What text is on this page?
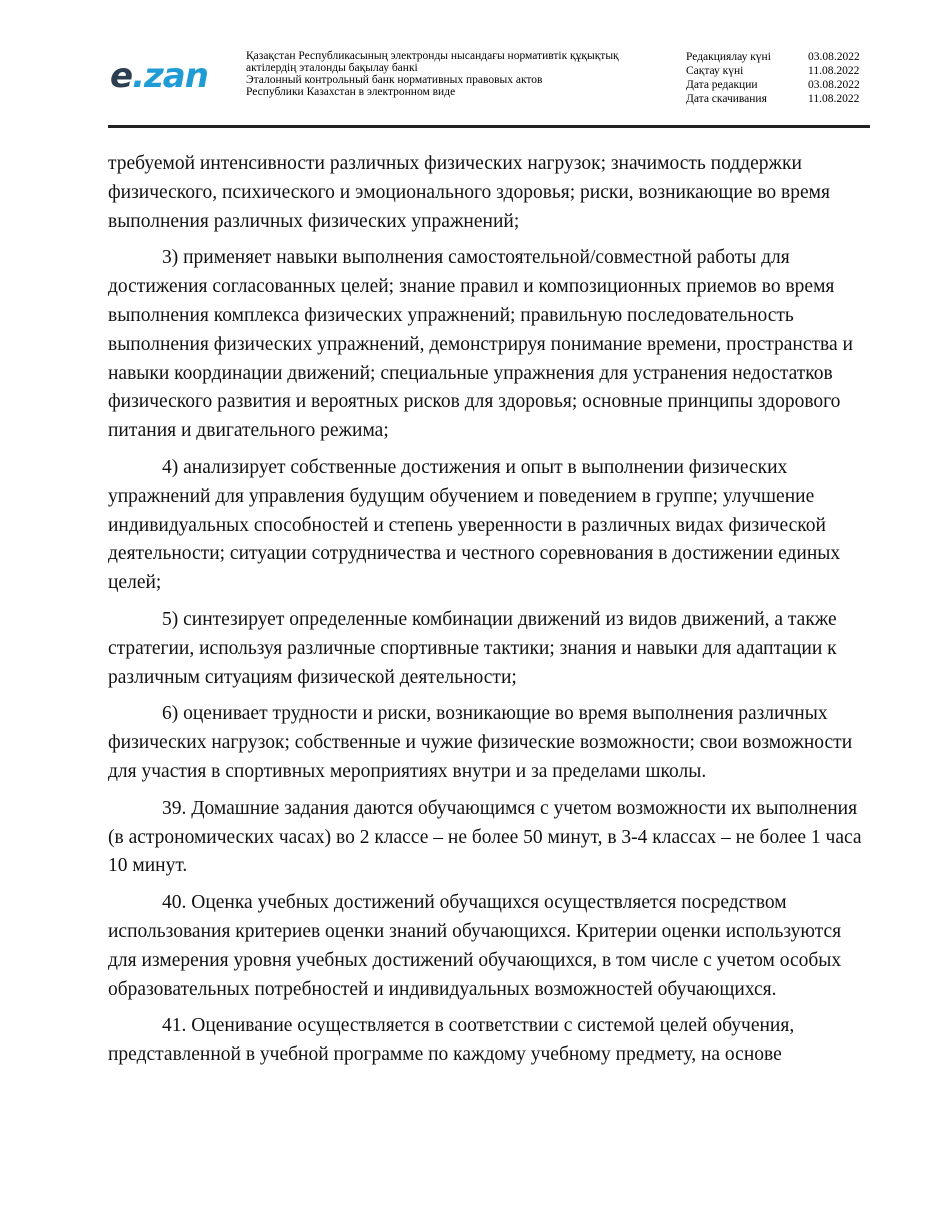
e . zan	Қазақстан Республикасының электронды нысандағы нормативтік құқықтық
актілердің эталонды бақылау банкі
Эталонный контрольный банк нормативных правовых актов
Республики Казахстан в электронном виде
Редакциялау күні	03.08.2022
Сақтау күні	11.08.2022
Дата редакции	03.08.2022
Дата скачивания	11.08.2022

требуемой интенсивности различных физических нагрузок; значимость поддержки физического, психического и эмоционального здоровья; риски, возникающие во время выполнения различных физических упражнений;

3) применяет навыки выполнения самостоятельной/совместной работы для достижения согласованных целей; знание правил и композиционных приемов во время выполнения комплекса физических упражнений; правильную последовательность выполнения физических упражнений, демонстрируя понимание времени, пространства и навыки координации движений; специальные упражнения для устранения недостатков физического развития и вероятных рисков для здоровья; основные принципы здорового питания и двигательного режима;

4) анализирует собственные достижения и опыт в выполнении физических упражнений для управления будущим обучением и поведением в группе; улучшение индивидуальных способностей и степень уверенности в различных видах физической деятельности; ситуации сотрудничества и честного соревнования в достижении единых целей;

5) синтезирует определенные комбинации движений из видов движений, а также стратегии, используя различные спортивные тактики; знания и навыки для адаптации к различным ситуациям физической деятельности;

6) оценивает трудности и риски, возникающие во время выполнения различных физических нагрузок; собственные и чужие физические возможности; свои возможности для участия в спортивных мероприятиях внутри и за пределами школы.

39. Домашние задания даются обучающимся с учетом возможности их выполнения (в астрономических часах) во 2 классе – не более 50 минут, в 3-4 классах – не более 1 часа 10 минут.

40. Оценка учебных достижений обучащихся осуществляется посредством использования критериев оценки знаний обучающихся. Критерии оценки используются для измерения уровня учебных достижений обучающихся, в том числе с учетом особых образовательных потребностей и индивидуальных возможностей обучающихся.

41. Оценивание осуществляется в соответствии с системой целей обучения, представленной в учебной программе по каждому учебному предмету, на основе
